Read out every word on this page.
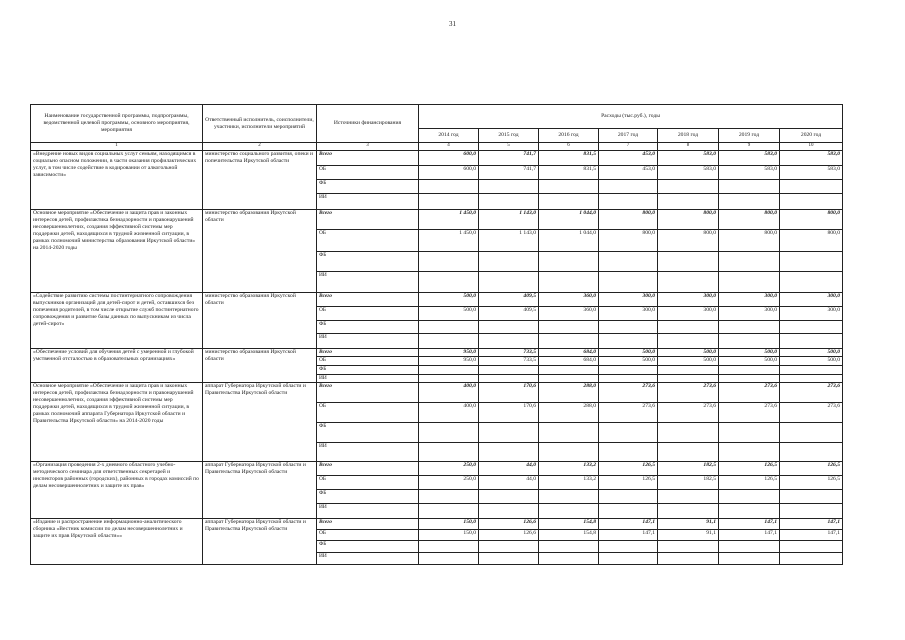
31
Наименование государственной программы, подпрограммы, ведомственной целевой программы, основного мероприятия, мероприятия	Ответственный исполнитель, соисполнители, участники, исполнители мероприятий	Источники финансирования	Расходы (тыс.руб.), годы						
			2014 год	2015 год	2016 год	2017 год	2018 год	2019 год	2020 год
1	2	3	4	5	6	7	8	9	10
«Внедрение новых видов социальных услуг семьям, находящимся в социально опасном положении, в части оказания профилактических услуг, в том числе содействие в кодировании от алкогольной зависимости»	министерство социального развития, опеки и попечительства Иркутской области	Всего	600,0	741,7	831,5	453,0	583,0	583,0	583,0
		ОБ	600,0	741,7	831,5	453,0	583,0	583,0	583,0
		ФБ							
		ИИ							
Основное мероприятие «Обеспечение и защита прав и законных интересов детей, профилактика безнадзорности и правонарушений несовершеннолетних, создания эффективной системы мер поддержки детей, находящихся в трудной жизненной ситуации, в рамках полномочий министерства образования Иркутской области» на 2014-2020 годы	министерство образования Иркутской области	Всего	1 450,0	1 143,0	1 044,0	800,0	800,0	800,0	800,0
		ОБ	1 450,0	1 143,0	1 044,0	800,0	800,0	800,0	800,0
		ФБ							
		ИИ							
«Содействие развитию системы постинтернатного сопровождения выпускников организаций для детей-сирот и детей, оставшихся без попечения родителей, в том числе открытие служб постинтернатного сопровождения и развитие базы данных по выпускникам из числа детей-сирот»	министерство образования Иркутской области	Всего	500,0	409,5	360,0	300,0	300,0	300,0	300,0
		ОБ	500,0	409,5	360,0	300,0	300,0	300,0	300,0
		ФБ							
		ИИ							
«Обеспечение условий для обучения детей с умеренной и глубокой умственной отсталостью в образовательных организациях»	министерство образования Иркутской области	Всего	950,0	733,5	684,0	500,0	500,0	500,0	500,0
		ОБ	950,0	733,5	684,0	500,0	500,0	500,0	500,0
		ФБ							
		ИИ							
Основное мероприятие «Обеспечение и защита прав и законных интересов детей, профилактика безнадзорности и правонарушений несовершеннолетних, создания эффективной системы мер поддержки детей, находящихся в трудной жизненной ситуации, в рамках полномочий аппарата Губернатора Иркутской области и Правительства Иркутской области» на 2014-2020 годы	аппарат Губернатора Иркутской области и Правительства Иркутской области	Всего	400,0	170,6	288,0	273,6	273,6	273,6	273,6
		ОБ	400,0	170,6	288,0	273,6	273,6	273,6	273,6
		ФБ							
		ИИ							
«Организация проведения 2-х дневного областного учебно-методического семинара для ответственных секретарей и инспекторов районных (городских), районных в городах комиссий по делам несовершеннолетних и защите их прав»	аппарат Губернатора Иркутской области и Правительства Иркутской области	Всего	250,0	44,0	133,2	126,5	182,5	126,5	126,5
		ОБ	250,0	44,0	133,2	126,5	182,5	126,5	126,5
		ФБ							
		ИИ							
«Издание и распространение информационно-аналитического сборника «Вестник комиссии по делам несовершеннолетних и защите их прав Иркутской области»»	аппарат Губернатора Иркутской области и Правительства Иркутской области	Всего	150,0	126,6	154,8	147,1	91,1	147,1	147,1
		ОБ	150,0	126,6	154,8	147,1	91,1	147,1	147,1
		ФБ							
		ИИ							
